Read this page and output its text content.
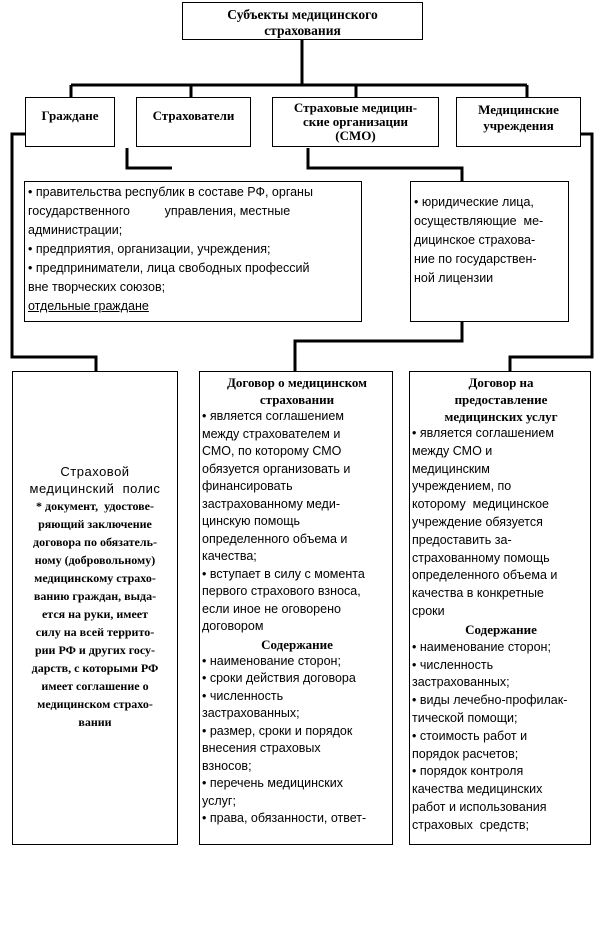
Субъекты медицинского
страхования
Граждане	Страхователи
Страховые медицин-
ские организации
(СМО)
Медицинские
учреждения
• правительства республик в составе РФ, органы
государственного          управления, местные
администрации;
• предприятия, организации, учреждения;
• предприниматели, лица свободных профессий
вне творческих союзов;
отдельные граждане
• юридические лица,
осуществляющие  ме-
дицинское страхова-
ние по государствен-
ной лицензии
Страховой
медицинский  полис
* документ,  удостове-
ряющий заключение
договора по обязатель-
ному (добровольному)
медицинскому страхо-
ванию граждан, выда-
ется на руки, имеет
силу на всей террито-
рии РФ и других госу-
дарств, с которыми РФ
имеет соглашение о
медицинском страхо-
вании
Договор о медицинском
страховании
• является соглашением
между страхователем и
СМО, по которому СМО
обязуется организовать и
финансировать
застрахованному меди-
цинскую помощь
определенного объема и
качества;
• вступает в силу с момента
первого страхового взноса,
если иное не оговорено
договором
Содержание
• наименование сторон;
• сроки действия договора
• численность
застрахованных;
• размер, сроки и порядок
внесения страховых
взносов;
• перечень медицинских
услуг;
• права, обязанности, ответ-
Договор на
предоставление
медицинских услуг
• является соглашением
между СМО и
медицинским
учреждением, по
которому  медицинское
учреждение обязуется
предоставить за-
страхованному помощь
определенного объема и
качества в конкретные
сроки
Содержание
• наименование сторон;
• численность
застрахованных;
• виды лечебно-профилак-
тической помощи;
• стоимость работ и
порядок расчетов;
• порядок контроля
качества медицинских
работ и использования
страховых  средств;
